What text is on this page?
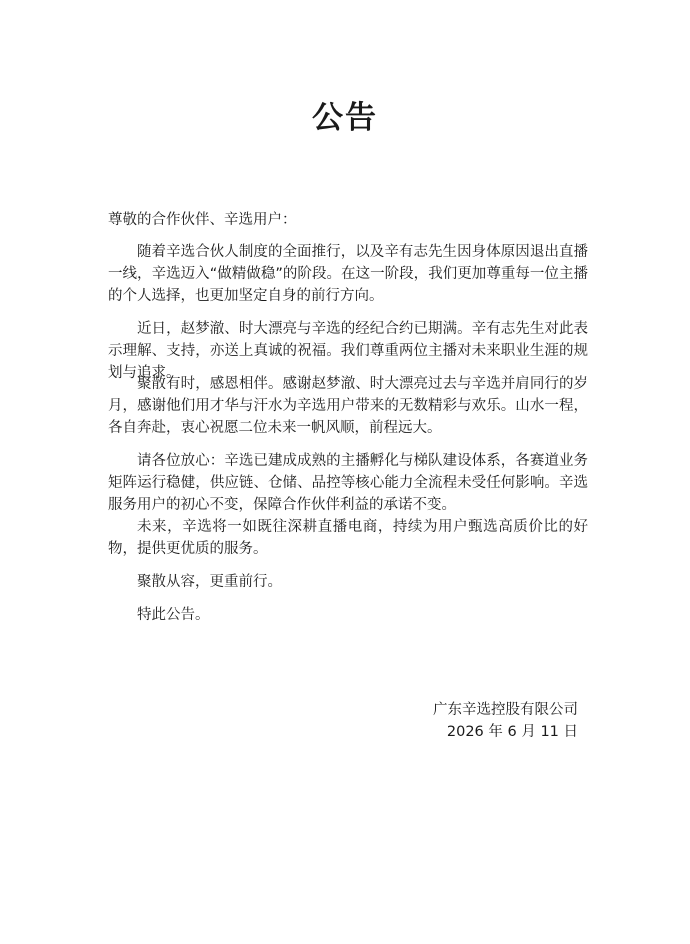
公告

尊敬的合作伙伴、辛选用户：

随着辛选合伙人制度的全面推行，以及辛有志先生因身体原因退出直播一线，辛选迈入“做精做稳”的阶段。在这一阶段，我们更加尊重每一位主播的个人选择，也更加坚定自身的前行方向。

近日，赵梦澈、时大漂亮与辛选的经纪合约已期满。辛有志先生对此表示理解、支持，亦送上真诚的祝福。我们尊重两位主播对未来职业生涯的规划与追求。

聚散有时，感恩相伴。感谢赵梦澈、时大漂亮过去与辛选并肩同行的岁月，感谢他们用才华与汗水为辛选用户带来的无数精彩与欢乐。山水一程，各自奔赴，衷心祝愿二位未来一帆风顺，前程远大。

请各位放心：辛选已建成成熟的主播孵化与梯队建设体系，各赛道业务矩阵运行稳健，供应链、仓储、品控等核心能力全流程未受任何影响。辛选服务用户的初心不变，保障合作伙伴利益的承诺不变。

未来，辛选将一如既往深耕直播电商，持续为用户甄选高质价比的好物，提供更优质的服务。

聚散从容，更重前行。

特此公告。

广东辛选控股有限公司
2026 年 6 月 11 日
